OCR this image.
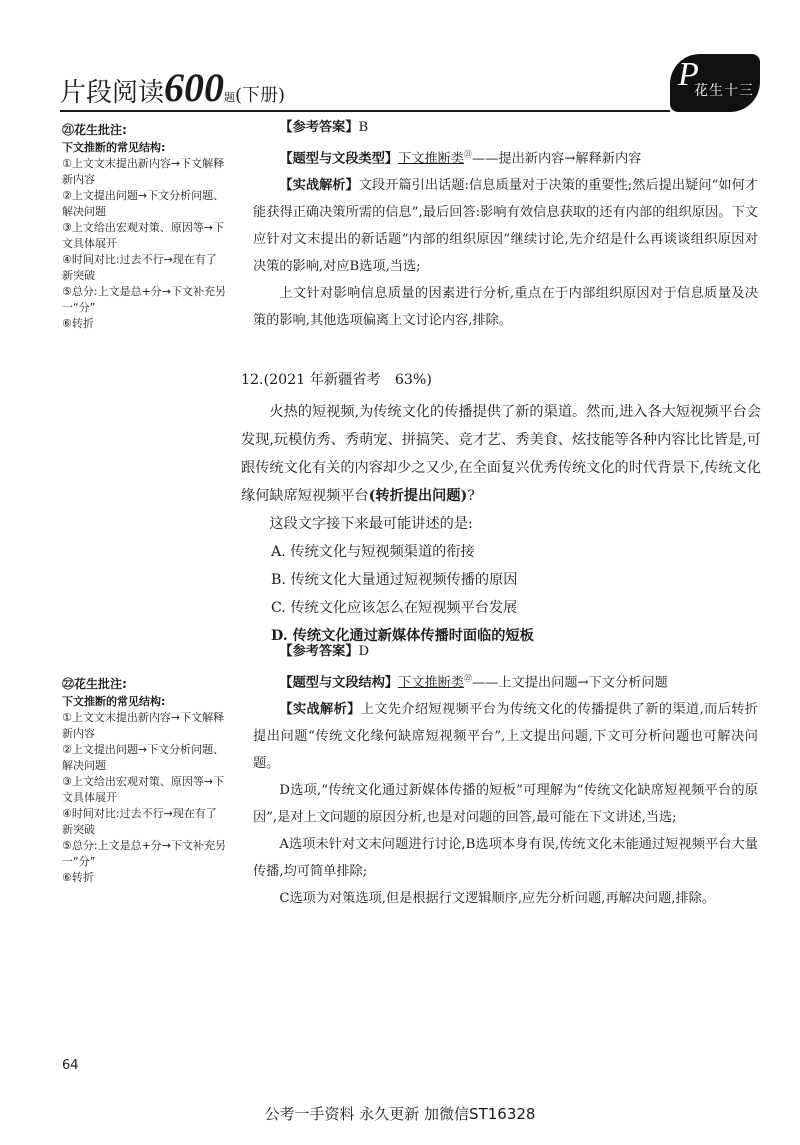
片段阅读600题(下册)
P
花生十三

㉑花生批注:

下文推断的常见结构:

①上文文末提出新内容→下文解释新内容

②上文提出问题→下文分析问题、解决问题

③上文给出宏观对策、原因等→下文具体展开

④时间对比:过去不行→现在有了新突破

⑤总分:上文是总+分→下文补充另一“分”

⑥转折

【参考答案】B

【题型与文段类型】下文推断类$^㉑$——提出新内容→解释新内容

【实战解析】文段开篇引出话题:信息质量对于决策的重要性;然后提出疑问“如何才能获得正确决策所需的信息”,最后回答:影响有效信息获取的还有内部的组织原因。下文应针对文末提出的新话题“内部的组织原因”继续讨论,先介绍是什么再谈谈组织原因对决策的影响,对应B选项,当选;

上文针对影响信息质量的因素进行分析,重点在于内部组织原因对于信息质量及决策的影响,其他选项偏离上文讨论内容,排除。

12.(2021 年新疆省考　63%)

火热的短视频,为传统文化的传播提供了新的渠道。然而,进入各大短视频平台会发现,玩模仿秀、秀萌宠、拼搞笑、竞才艺、秀美食、炫技能等各种内容比比皆是,可跟传统文化有关的内容却少之又少,在全面复兴优秀传统文化的时代背景下,传统文化缘何缺席短视频平台(转折提出问题)?

这段文字接下来最可能讲述的是:

A. 传统文化与短视频渠道的衔接

B. 传统文化大量通过短视频传播的原因

C. 传统文化应该怎么在短视频平台发展

D. 传统文化通过新媒体传播时面临的短板

㉒花生批注:

下文推断的常见结构:

①上文文末提出新内容→下文解释新内容

②上文提出问题→下文分析问题、解决问题

③上文给出宏观对策、原因等→下文具体展开

④时间对比:过去不行→现在有了新突破

⑤总分:上文是总+分→下文补充另一“分”

⑥转折

【参考答案】D

【题型与文段结构】下文推断类$^㉒$——上文提出问题→下文分析问题

【实战解析】上文先介绍短视频平台为传统文化的传播提供了新的渠道,而后转折提出问题“传统文化缘何缺席短视频平台”,上文提出问题,下文可分析问题也可解决问题。

D选项,“传统文化通过新媒体传播的短板”可理解为“传统文化缺席短视频平台的原因”,是对上文问题的原因分析,也是对问题的回答,最可能在下文讲述,当选;

A选项未针对文末问题进行讨论,B选项本身有误,传统文化未能通过短视频平台大量传播,均可简单排除;

C选项为对策选项,但是根据行文逻辑顺序,应先分析问题,再解决问题,排除。

64
公考一手资料 永久更新 加微信ST16328
